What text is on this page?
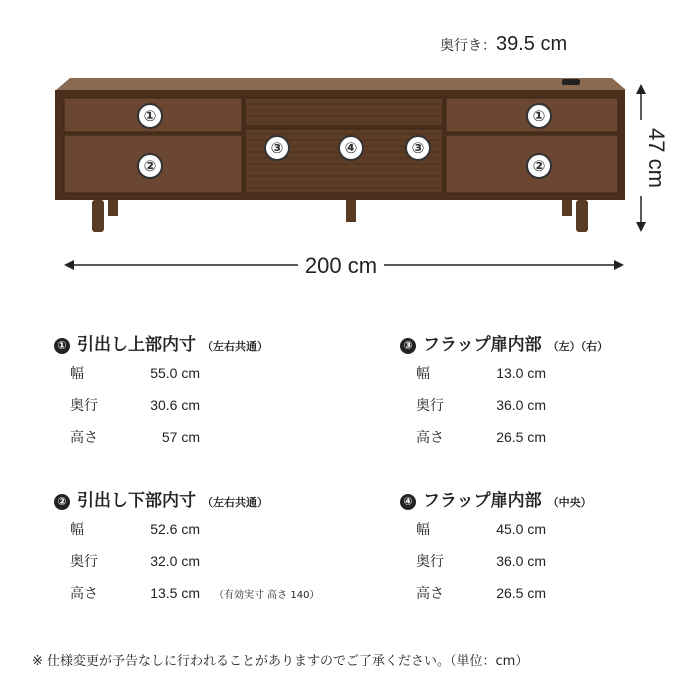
奥行き：39.5 cm
①
②
③	④	③
①
②
200 cm
47 cm
① 引出し上部内寸 （左右共通）
幅	55.0 cm
奥行	30.6 cm
高さ	57 cm
③ フラップ扉内部 （左）（右）
幅	13.0 cm
奥行	36.0 cm
高さ	26.5 cm
② 引出し下部内寸 （左右共通）
幅	52.6 cm
奥行	32.0 cm
高さ	13.5 cm （有効実寸 高さ 140）
④ フラップ扉内部 （中央）
幅	45.0 cm
奥行	36.0 cm
高さ	26.5 cm
※ 仕様変更が予告なしに行われることがありますのでご了承ください。（単位：cm）
